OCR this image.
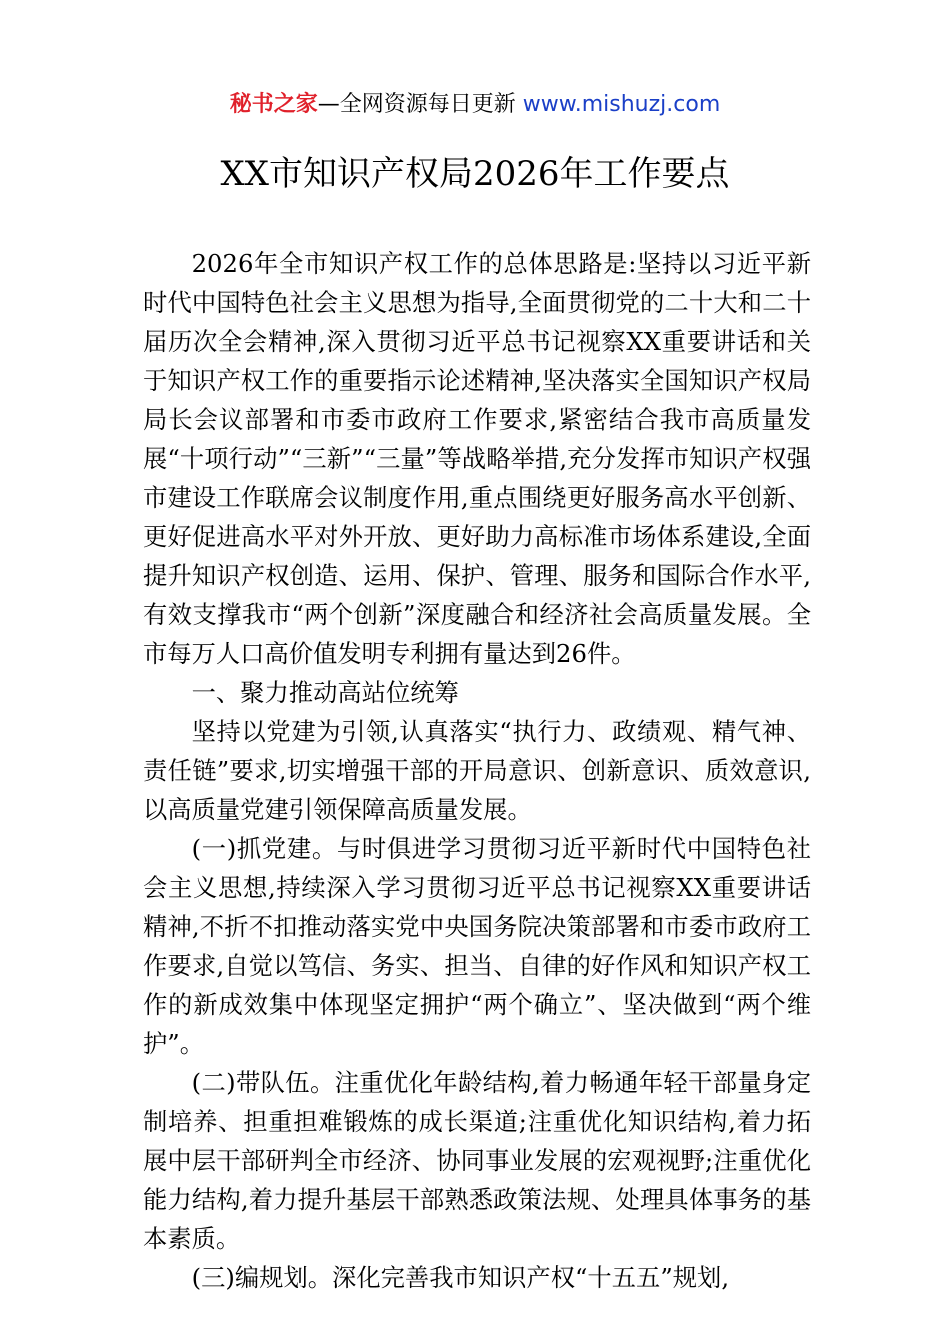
秘书之家—全网资源每日更新 www.mishuzj.com
XX市知识产权局2026年工作要点

2026年全市知识产权工作的总体思路是:坚持以习近平新时代中国特色社会主义思想为指导,全面贯彻党的二十大和二十届历次全会精神,深入贯彻习近平总书记视察XX重要讲话和关于知识产权工作的重要指示论述精神,坚决落实全国知识产权局局长会议部署和市委市政府工作要求,紧密结合我市高质量发展“十项行动”“三新”“三量”等战略举措,充分发挥市知识产权强市建设工作联席会议制度作用,重点围绕更好服务高水平创新、更好促进高水平对外开放、更好助力高标准市场体系建设,全面提升知识产权创造、运用、保护、管理、服务和国际合作水平,有效支撑我市“两个创新”深度融合和经济社会高质量发展。全市每万人口高价值发明专利拥有量达到26件。

一、聚力推动高站位统筹

坚持以党建为引领,认真落实“执行力、政绩观、精气神、责任链”要求,切实增强干部的开局意识、创新意识、质效意识,以高质量党建引领保障高质量发展。

(一)抓党建。与时俱进学习贯彻习近平新时代中国特色社会主义思想,持续深入学习贯彻习近平总书记视察XX重要讲话精神,不折不扣推动落实党中央国务院决策部署和市委市政府工作要求,自觉以笃信、务实、担当、自律的好作风和知识产权工作的新成效集中体现坚定拥护“两个确立”、坚决做到“两个维护”。

(二)带队伍。注重优化年龄结构,着力畅通年轻干部量身定制培养、担重担难锻炼的成长渠道;注重优化知识结构,着力拓展中层干部研判全市经济、协同事业发展的宏观视野;注重优化能力结构,着力提升基层干部熟悉政策法规、处理具体事务的基本素质。

(三)编规划。深化完善我市知识产权“十五五”规划,
